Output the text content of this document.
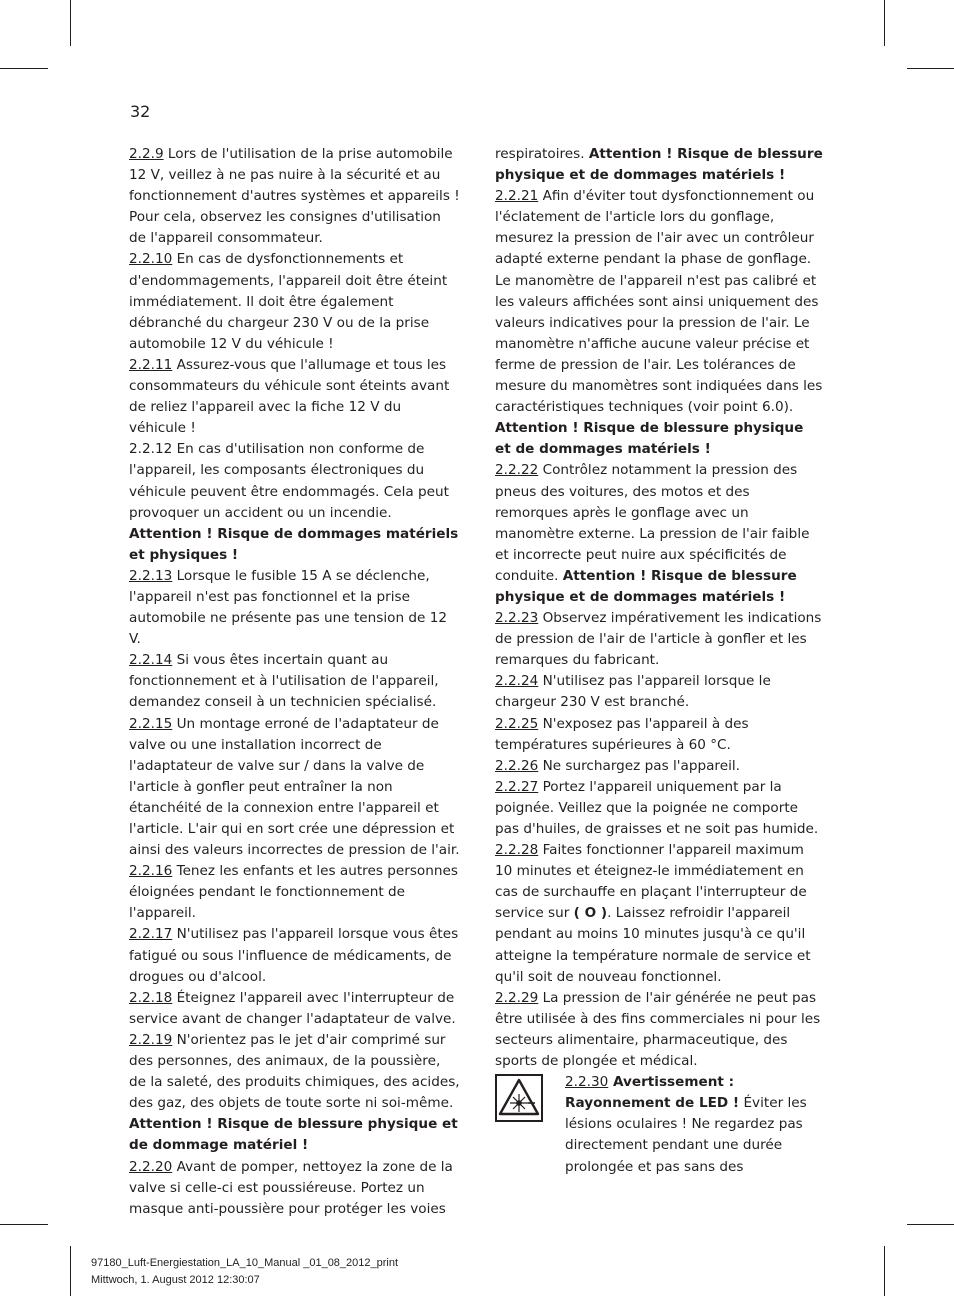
32

2.2.9 Lors de l'utilisation de la prise automobile 12 V, veillez à ne pas nuire à la sécurité et au fonctionnement d'autres systèmes et appareils ! Pour cela, observez les consignes d'utilisation de l'appareil consommateur.

2.2.10 En cas de dysfonctionnements et d'endommagements, l'appareil doit être éteint immédiatement. Il doit être également débranché du chargeur 230 V ou de la prise automobile 12 V du véhicule !

2.2.11 Assurez-vous que l'allumage et tous les consommateurs du véhicule sont éteints avant de reliez l'appareil avec la fiche 12 V du véhicule !

2.2.12 En cas d'utilisation non conforme de l'appareil, les composants électroniques du véhicule peuvent être endommagés. Cela peut provoquer un accident ou un incendie. Attention ! Risque de dommages matériels et physiques !

2.2.13 Lorsque le fusible 15 A se déclenche, l'appareil n'est pas fonctionnel et la prise automobile ne présente pas une tension de 12 V.

2.2.14 Si vous êtes incertain quant au fonctionnement et à l'utilisation de l'appareil, demandez conseil à un technicien spécialisé.

2.2.15 Un montage erroné de l'adaptateur de valve ou une installation incorrect de l'adaptateur de valve sur / dans la valve de l'article à gonfler peut entraîner la non étanchéité de la connexion entre l'appareil et l'article. L'air qui en sort crée une dépression et ainsi des valeurs incorrectes de pression de l'air.

2.2.16 Tenez les enfants et les autres personnes éloignées pendant le fonctionnement de l'appareil.

2.2.17 N'utilisez pas l'appareil lorsque vous êtes fatigué ou sous l'influence de médicaments, de drogues ou d'alcool.

2.2.18 Éteignez l'appareil avec l'interrupteur de service avant de changer l'adaptateur de valve.

2.2.19 N'orientez pas le jet d'air comprimé sur des personnes, des animaux, de la poussière, de la saleté, des produits chimiques, des acides, des gaz, des objets de toute sorte ni soi-même.

Attention ! Risque de blessure physique et de dommage matériel !

2.2.20 Avant de pomper, nettoyez la zone de la valve si celle-ci est poussiéreuse. Portez un masque anti-poussière pour protéger les voies

respiratoires. Attention ! Risque de blessure physique et de dommages matériels !

2.2.21 Afin d'éviter tout dysfonctionnement ou l'éclatement de l'article lors du gonflage, mesurez la pression de l'air avec un contrôleur adapté externe pendant la phase de gonflage. Le manomètre de l'appareil n'est pas calibré et les valeurs affichées sont ainsi uniquement des valeurs indicatives pour la pression de l'air. Le manomètre n'affiche aucune valeur précise et ferme de pression de l'air. Les tolérances de mesure du manomètres sont indiquées dans les caractéristiques techniques (voir point 6.0). Attention ! Risque de blessure physique et de dommages matériels !

2.2.22 Contrôlez notamment la pression des pneus des voitures, des motos et des remorques après le gonflage avec un manomètre externe. La pression de l'air faible et incorrecte peut nuire aux spécificités de conduite. Attention ! Risque de blessure physique et de dommages matériels !

2.2.23 Observez impérativement les indications de pression de l'air de l'article à gonfler et les remarques du fabricant.

2.2.24 N'utilisez pas l'appareil lorsque le chargeur 230 V est branché.

2.2.25 N'exposez pas l'appareil à des températures supérieures à 60 °C.

2.2.26 Ne surchargez pas l'appareil.

2.2.27 Portez l'appareil uniquement par la poignée. Veillez que la poignée ne comporte pas d'huiles, de graisses et ne soit pas humide.

2.2.28 Faites fonctionner l'appareil maximum 10 minutes et éteignez-le immédiatement en cas de surchauffe en plaçant l'interrupteur de service sur ( O ). Laissez refroidir l'appareil pendant au moins 10 minutes jusqu'à ce qu'il atteigne la température normale de service et qu'il soit de nouveau fonctionnel.

2.2.29 La pression de l'air générée ne peut pas être utilisée à des fins commerciales ni pour les secteurs alimentaire, pharmaceutique, des sports de plongée et médical.

2.2.30 Avertissement : Rayonnement de LED ! Éviter les lésions oculaires ! Ne regardez pas directement pendant une durée prolongée et pas sans des

97180_Luft-Energiestation_LA_10_Manual _01_08_2012_print
Mittwoch, 1. August 2012 12:30:07
